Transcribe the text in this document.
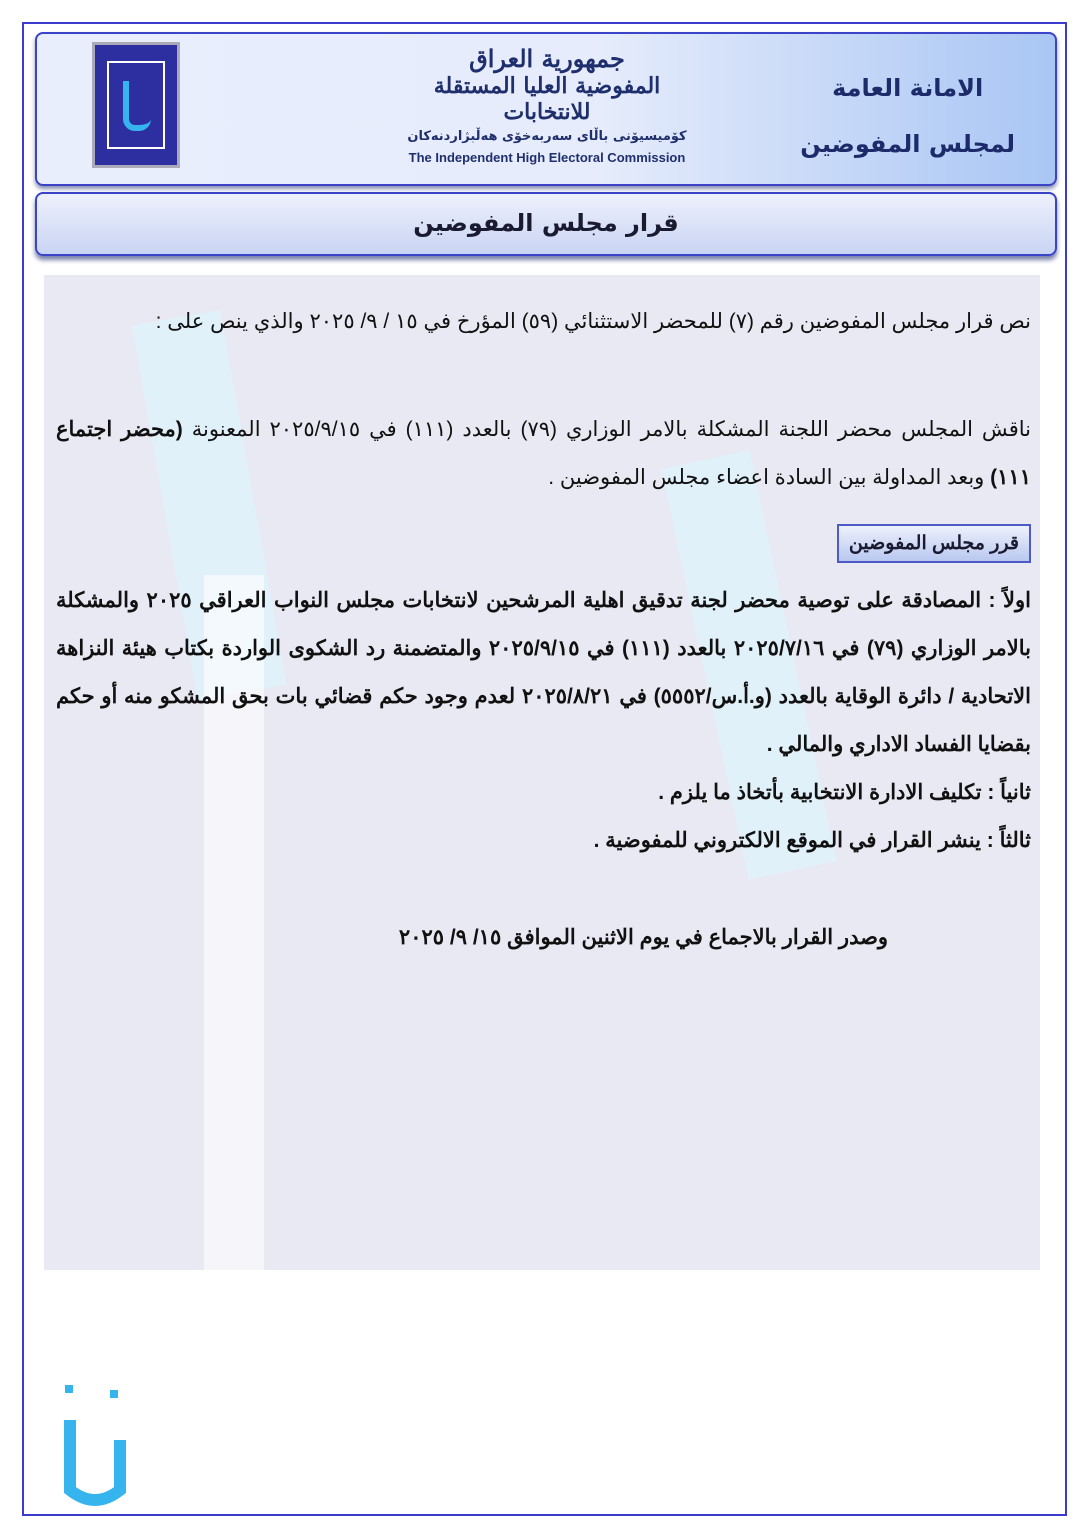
جمهورية العراق
المفوضية العليا المستقلة للانتخابات
كۆمیسیۆنی باڵای سەربەخۆی هەڵبژاردنەکان
The Independent High Electoral Commission
الامانة العامة
لمجلس المفوضين
قرار مجلس المفوضين

نص قرار مجلس المفوضين رقم (٧) للمحضر الاستثنائي (٥٩) المؤرخ في ١٥ / ٩/ ٢٠٢٥ والذي ينص على :

ناقش المجلس محضر اللجنة المشكلة بالامر الوزاري (٧٩) بالعدد (١١١) في ٢٠٢٥/٩/١٥ المعنونة (محضر اجتماع ١١١) وبعد المداولة بين السادة اعضاء مجلس المفوضين .

قرر مجلس المفوضين

اولاً : المصادقة على توصية محضر لجنة تدقيق اهلية المرشحين لانتخابات مجلس النواب العراقي ٢٠٢٥ والمشكلة بالامر الوزاري (٧٩) في ٢٠٢٥/٧/١٦ بالعدد (١١١) في ٢٠٢٥/٩/١٥ والمتضمنة رد الشكوى الواردة بكتاب هيئة النزاهة الاتحادية / دائرة الوقاية بالعدد (و.أ.س/٥٥٥٢) في ٢٠٢٥/٨/٢١ لعدم وجود حكم قضائي بات بحق المشكو منه أو حكم بقضايا الفساد الاداري والمالي .

ثانياً : تكليف الادارة الانتخابية بأتخاذ ما يلزم .

ثالثاً : ينشر القرار في الموقع الالكتروني للمفوضية .

وصدر القرار بالاجماع في يوم الاثنين الموافق ١٥/ ٩/ ٢٠٢٥
